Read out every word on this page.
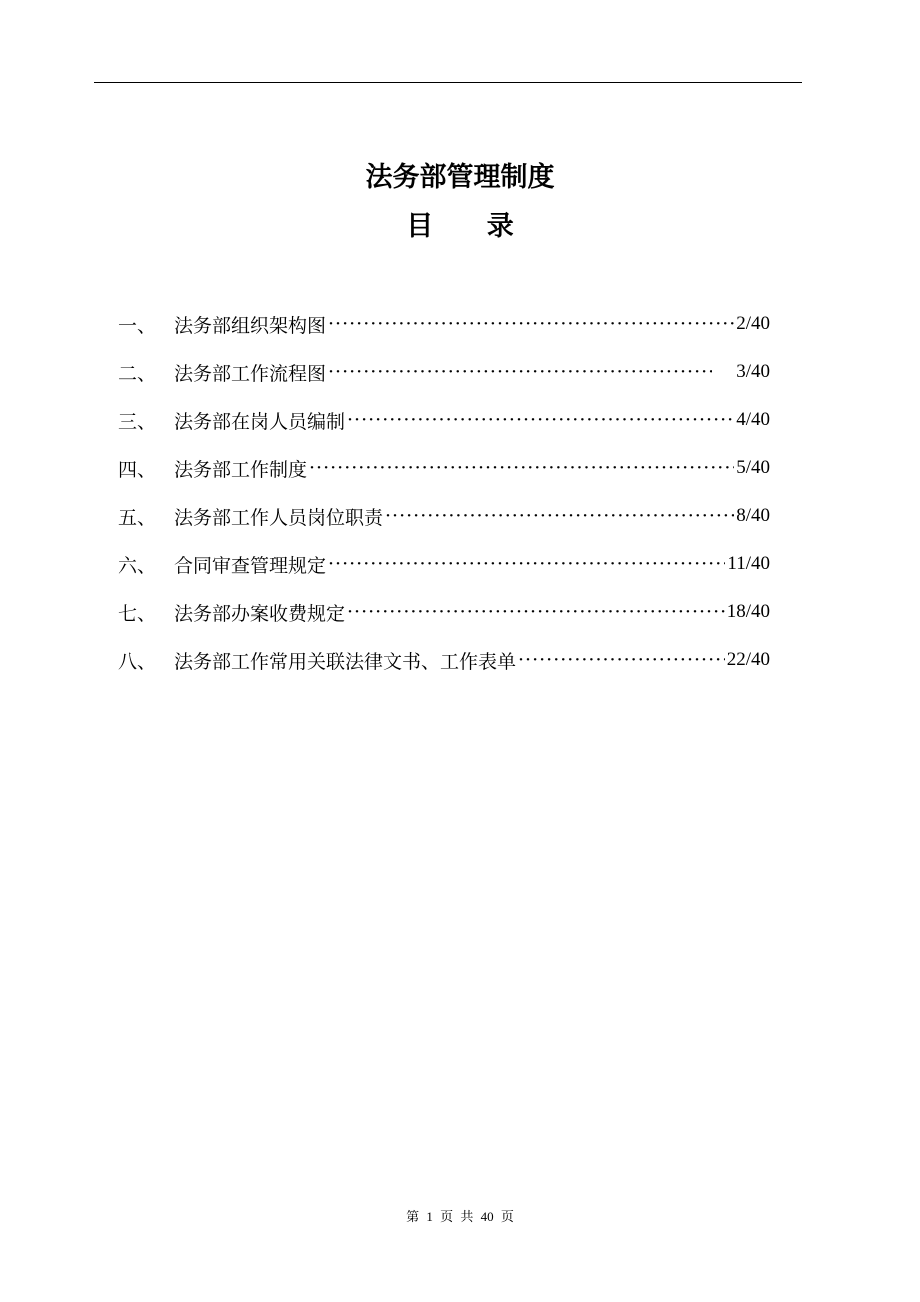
法务部管理制度
目 录
一、 法务部组织架构图 ·····	2/40
二、 法务部工作流程图 ·····	3/40
三、 法务部在岗人员编制 ·····	4/40
四、 法务部工作制度 ·····	5/40
五、 法务部工作人员岗位职责 ·····	8/40
六、 合同审查管理规定 ·····	11/40
七、 法务部办案收费规定 ·····	18/40
八、 法务部工作常用关联法律文书、工作表单 ·····	22/40
第 1 页 共 40 页
